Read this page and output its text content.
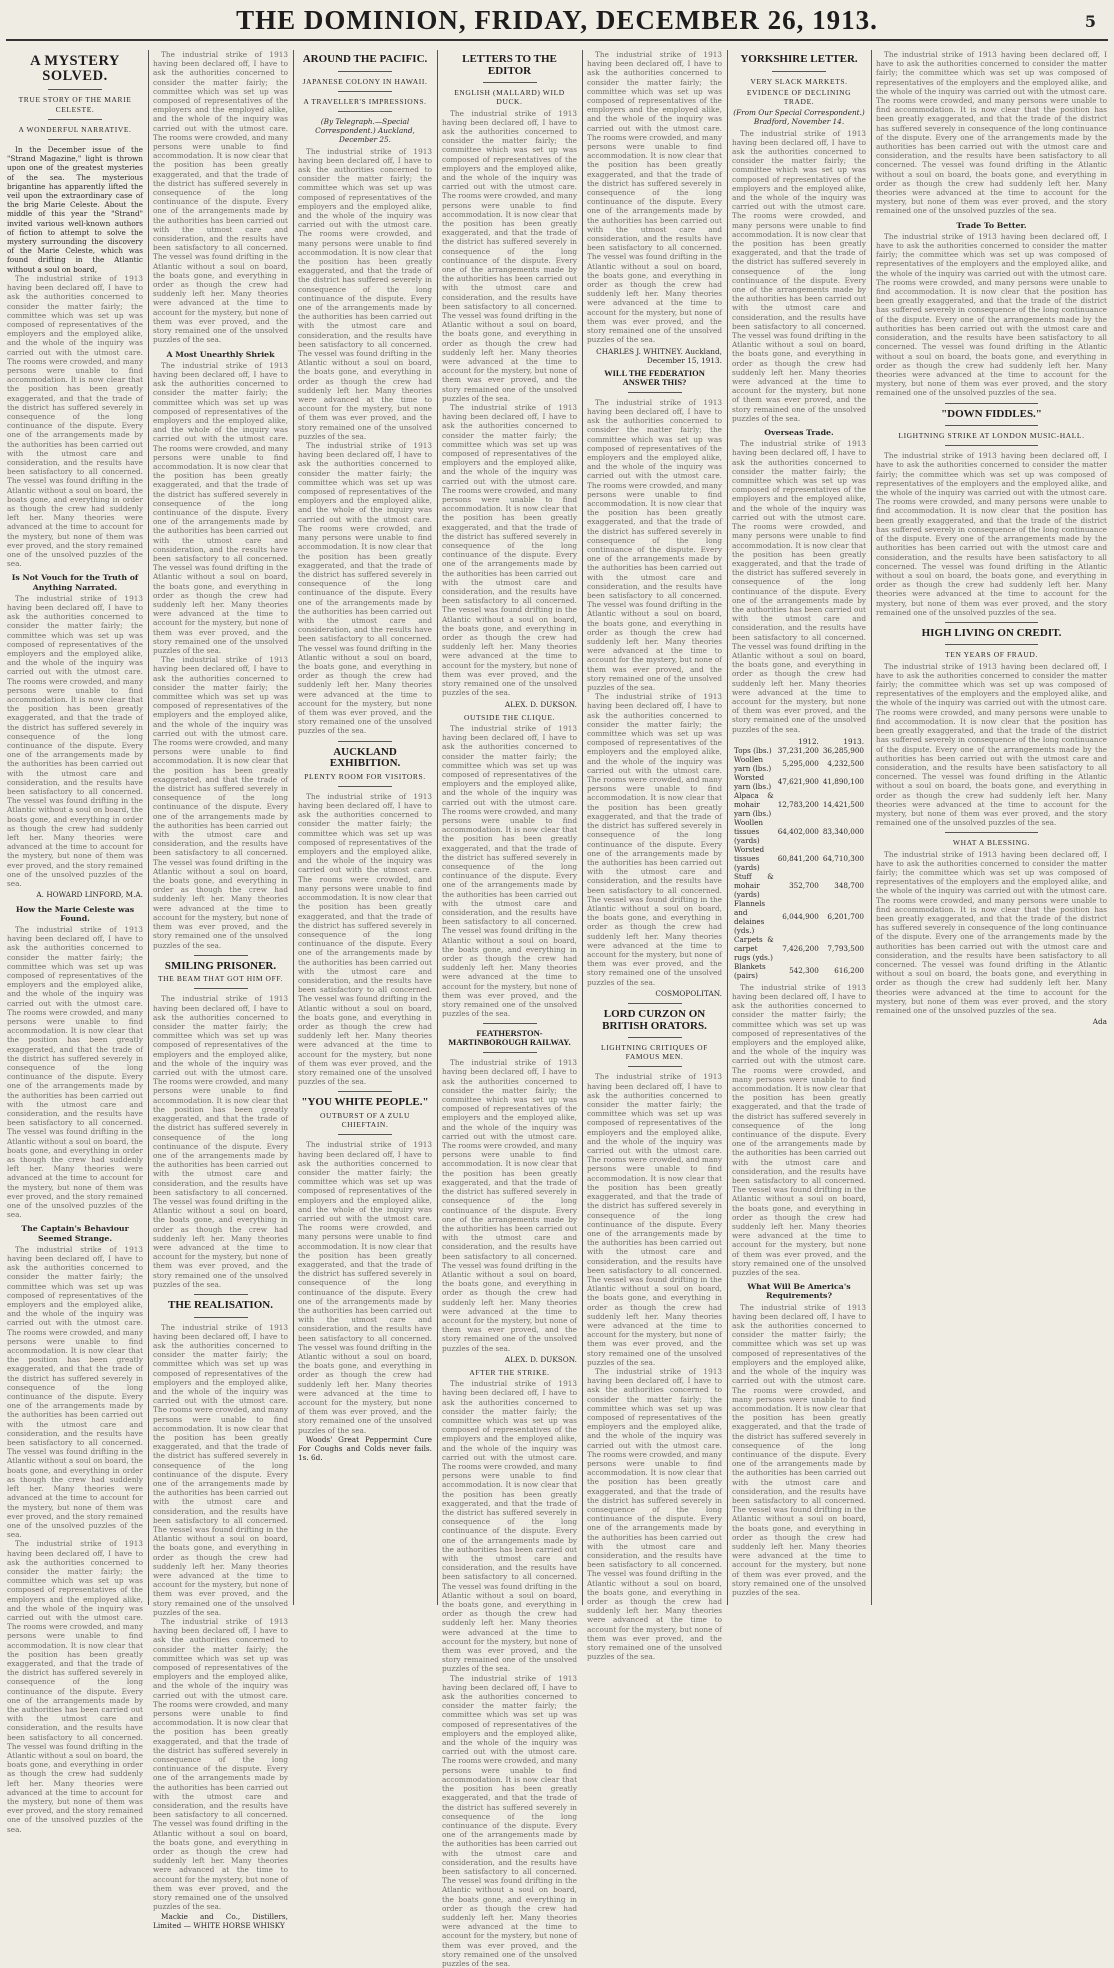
THE DOMINION, FRIDAY, DECEMBER 26, 1913.	5
A MYSTERY SOLVED.
TRUE STORY OF THE MARIE CELESTE.
A WONDERFUL NARRATIVE.

In the December issue of the "Strand Magazine," light is thrown upon one of the greatest mysteries of the sea. The mysterious brigantine has apparently lifted the veil upon the extraordinary case of the brig Marie Celeste. About the middle of this year the "Strand" invited various well-known authors of fiction to attempt to solve the mystery surrounding the discovery of the Marie Celeste, which was found drifting in the Atlantic without a soul on board,

The industrial strike of 1913 having been declared off, I have to ask the authorities concerned to consider the matter fairly; the committee which was set up was composed of representatives of the employers and the employed alike, and the whole of the inquiry was carried out with the utmost care. The rooms were crowded, and many persons were unable to find accommodation. It is now clear that the position has been greatly exaggerated, and that the trade of the district has suffered severely in consequence of the long continuance of the dispute. Every one of the arrangements made by the authorities has been carried out with the utmost care and consideration, and the results have been satisfactory to all concerned. The vessel was found drifting in the Atlantic without a soul on board, the boats gone, and everything in order as though the crew had suddenly left her. Many theories were advanced at the time to account for the mystery, but none of them was ever proved, and the story remained one of the unsolved puzzles of the sea.

Is Not Vouch for the Truth of Anything Narrated.

The industrial strike of 1913 having been declared off, I have to ask the authorities concerned to consider the matter fairly; the committee which was set up was composed of representatives of the employers and the employed alike, and the whole of the inquiry was carried out with the utmost care. The rooms were crowded, and many persons were unable to find accommodation. It is now clear that the position has been greatly exaggerated, and that the trade of the district has suffered severely in consequence of the long continuance of the dispute. Every one of the arrangements made by the authorities has been carried out with the utmost care and consideration, and the results have been satisfactory to all concerned. The vessel was found drifting in the Atlantic without a soul on board, the boats gone, and everything in order as though the crew had suddenly left her. Many theories were advanced at the time to account for the mystery, but none of them was ever proved, and the story remained one of the unsolved puzzles of the sea.

A. HOWARD LINFORD, M.A.
How the Marie Celeste was Found.

The industrial strike of 1913 having been declared off, I have to ask the authorities concerned to consider the matter fairly; the committee which was set up was composed of representatives of the employers and the employed alike, and the whole of the inquiry was carried out with the utmost care. The rooms were crowded, and many persons were unable to find accommodation. It is now clear that the position has been greatly exaggerated, and that the trade of the district has suffered severely in consequence of the long continuance of the dispute. Every one of the arrangements made by the authorities has been carried out with the utmost care and consideration, and the results have been satisfactory to all concerned. The vessel was found drifting in the Atlantic without a soul on board, the boats gone, and everything in order as though the crew had suddenly left her. Many theories were advanced at the time to account for the mystery, but none of them was ever proved, and the story remained one of the unsolved puzzles of the sea.

The Captain's Behaviour Seemed Strange.

The industrial strike of 1913 having been declared off, I have to ask the authorities concerned to consider the matter fairly; the committee which was set up was composed of representatives of the employers and the employed alike, and the whole of the inquiry was carried out with the utmost care. The rooms were crowded, and many persons were unable to find accommodation. It is now clear that the position has been greatly exaggerated, and that the trade of the district has suffered severely in consequence of the long continuance of the dispute. Every one of the arrangements made by the authorities has been carried out with the utmost care and consideration, and the results have been satisfactory to all concerned. The vessel was found drifting in the Atlantic without a soul on board, the boats gone, and everything in order as though the crew had suddenly left her. Many theories were advanced at the time to account for the mystery, but none of them was ever proved, and the story remained one of the unsolved puzzles of the sea.

The industrial strike of 1913 having been declared off, I have to ask the authorities concerned to consider the matter fairly; the committee which was set up was composed of representatives of the employers and the employed alike, and the whole of the inquiry was carried out with the utmost care. The rooms were crowded, and many persons were unable to find accommodation. It is now clear that the position has been greatly exaggerated, and that the trade of the district has suffered severely in consequence of the long continuance of the dispute. Every one of the arrangements made by the authorities has been carried out with the utmost care and consideration, and the results have been satisfactory to all concerned. The vessel was found drifting in the Atlantic without a soul on board, the boats gone, and everything in order as though the crew had suddenly left her. Many theories were advanced at the time to account for the mystery, but none of them was ever proved, and the story remained one of the unsolved puzzles of the sea.

The industrial strike of 1913 having been declared off, I have to ask the authorities concerned to consider the matter fairly; the committee which was set up was composed of representatives of the employers and the employed alike, and the whole of the inquiry was carried out with the utmost care. The rooms were crowded, and many persons were unable to find accommodation. It is now clear that the position has been greatly exaggerated, and that the trade of the district has suffered severely in consequence of the long continuance of the dispute. Every one of the arrangements made by the authorities has been carried out with the utmost care and consideration, and the results have been satisfactory to all concerned. The vessel was found drifting in the Atlantic without a soul on board, the boats gone, and everything in order as though the crew had suddenly left her. Many theories were advanced at the time to account for the mystery, but none of them was ever proved, and the story remained one of the unsolved puzzles of the sea.

A Most Unearthly Shriek

The industrial strike of 1913 having been declared off, I have to ask the authorities concerned to consider the matter fairly; the committee which was set up was composed of representatives of the employers and the employed alike, and the whole of the inquiry was carried out with the utmost care. The rooms were crowded, and many persons were unable to find accommodation. It is now clear that the position has been greatly exaggerated, and that the trade of the district has suffered severely in consequence of the long continuance of the dispute. Every one of the arrangements made by the authorities has been carried out with the utmost care and consideration, and the results have been satisfactory to all concerned. The vessel was found drifting in the Atlantic without a soul on board, the boats gone, and everything in order as though the crew had suddenly left her. Many theories were advanced at the time to account for the mystery, but none of them was ever proved, and the story remained one of the unsolved puzzles of the sea.

The industrial strike of 1913 having been declared off, I have to ask the authorities concerned to consider the matter fairly; the committee which was set up was composed of representatives of the employers and the employed alike, and the whole of the inquiry was carried out with the utmost care. The rooms were crowded, and many persons were unable to find accommodation. It is now clear that the position has been greatly exaggerated, and that the trade of the district has suffered severely in consequence of the long continuance of the dispute. Every one of the arrangements made by the authorities has been carried out with the utmost care and consideration, and the results have been satisfactory to all concerned. The vessel was found drifting in the Atlantic without a soul on board, the boats gone, and everything in order as though the crew had suddenly left her. Many theories were advanced at the time to account for the mystery, but none of them was ever proved, and the story remained one of the unsolved puzzles of the sea.

SMILING PRISONER.
THE BEAM THAT GOT HIM OFF.

The industrial strike of 1913 having been declared off, I have to ask the authorities concerned to consider the matter fairly; the committee which was set up was composed of representatives of the employers and the employed alike, and the whole of the inquiry was carried out with the utmost care. The rooms were crowded, and many persons were unable to find accommodation. It is now clear that the position has been greatly exaggerated, and that the trade of the district has suffered severely in consequence of the long continuance of the dispute. Every one of the arrangements made by the authorities has been carried out with the utmost care and consideration, and the results have been satisfactory to all concerned. The vessel was found drifting in the Atlantic without a soul on board, the boats gone, and everything in order as though the crew had suddenly left her. Many theories were advanced at the time to account for the mystery, but none of them was ever proved, and the story remained one of the unsolved puzzles of the sea.

THE REALISATION.

The industrial strike of 1913 having been declared off, I have to ask the authorities concerned to consider the matter fairly; the committee which was set up was composed of representatives of the employers and the employed alike, and the whole of the inquiry was carried out with the utmost care. The rooms were crowded, and many persons were unable to find accommodation. It is now clear that the position has been greatly exaggerated, and that the trade of the district has suffered severely in consequence of the long continuance of the dispute. Every one of the arrangements made by the authorities has been carried out with the utmost care and consideration, and the results have been satisfactory to all concerned. The vessel was found drifting in the Atlantic without a soul on board, the boats gone, and everything in order as though the crew had suddenly left her. Many theories were advanced at the time to account for the mystery, but none of them was ever proved, and the story remained one of the unsolved puzzles of the sea.

The industrial strike of 1913 having been declared off, I have to ask the authorities concerned to consider the matter fairly; the committee which was set up was composed of representatives of the employers and the employed alike, and the whole of the inquiry was carried out with the utmost care. The rooms were crowded, and many persons were unable to find accommodation. It is now clear that the position has been greatly exaggerated, and that the trade of the district has suffered severely in consequence of the long continuance of the dispute. Every one of the arrangements made by the authorities has been carried out with the utmost care and consideration, and the results have been satisfactory to all concerned. The vessel was found drifting in the Atlantic without a soul on board, the boats gone, and everything in order as though the crew had suddenly left her. Many theories were advanced at the time to account for the mystery, but none of them was ever proved, and the story remained one of the unsolved puzzles of the sea.

Mackie and Co., Distillers, Limited — WHITE HORSE WHISKY

AROUND THE PACIFIC.
JAPANESE COLONY IN HAWAII.
A TRAVELLER'S IMPRESSIONS.
(By Telegraph.—Special Correspondent.) Auckland, December 25.

The industrial strike of 1913 having been declared off, I have to ask the authorities concerned to consider the matter fairly; the committee which was set up was composed of representatives of the employers and the employed alike, and the whole of the inquiry was carried out with the utmost care. The rooms were crowded, and many persons were unable to find accommodation. It is now clear that the position has been greatly exaggerated, and that the trade of the district has suffered severely in consequence of the long continuance of the dispute. Every one of the arrangements made by the authorities has been carried out with the utmost care and consideration, and the results have been satisfactory to all concerned. The vessel was found drifting in the Atlantic without a soul on board, the boats gone, and everything in order as though the crew had suddenly left her. Many theories were advanced at the time to account for the mystery, but none of them was ever proved, and the story remained one of the unsolved puzzles of the sea.

The industrial strike of 1913 having been declared off, I have to ask the authorities concerned to consider the matter fairly; the committee which was set up was composed of representatives of the employers and the employed alike, and the whole of the inquiry was carried out with the utmost care. The rooms were crowded, and many persons were unable to find accommodation. It is now clear that the position has been greatly exaggerated, and that the trade of the district has suffered severely in consequence of the long continuance of the dispute. Every one of the arrangements made by the authorities has been carried out with the utmost care and consideration, and the results have been satisfactory to all concerned. The vessel was found drifting in the Atlantic without a soul on board, the boats gone, and everything in order as though the crew had suddenly left her. Many theories were advanced at the time to account for the mystery, but none of them was ever proved, and the story remained one of the unsolved puzzles of the sea.

AUCKLAND EXHIBITION.
PLENTY ROOM FOR VISITORS.

The industrial strike of 1913 having been declared off, I have to ask the authorities concerned to consider the matter fairly; the committee which was set up was composed of representatives of the employers and the employed alike, and the whole of the inquiry was carried out with the utmost care. The rooms were crowded, and many persons were unable to find accommodation. It is now clear that the position has been greatly exaggerated, and that the trade of the district has suffered severely in consequence of the long continuance of the dispute. Every one of the arrangements made by the authorities has been carried out with the utmost care and consideration, and the results have been satisfactory to all concerned. The vessel was found drifting in the Atlantic without a soul on board, the boats gone, and everything in order as though the crew had suddenly left her. Many theories were advanced at the time to account for the mystery, but none of them was ever proved, and the story remained one of the unsolved puzzles of the sea.

"YOU WHITE PEOPLE."
OUTBURST OF A ZULU CHIEFTAIN.

The industrial strike of 1913 having been declared off, I have to ask the authorities concerned to consider the matter fairly; the committee which was set up was composed of representatives of the employers and the employed alike, and the whole of the inquiry was carried out with the utmost care. The rooms were crowded, and many persons were unable to find accommodation. It is now clear that the position has been greatly exaggerated, and that the trade of the district has suffered severely in consequence of the long continuance of the dispute. Every one of the arrangements made by the authorities has been carried out with the utmost care and consideration, and the results have been satisfactory to all concerned. The vessel was found drifting in the Atlantic without a soul on board, the boats gone, and everything in order as though the crew had suddenly left her. Many theories were advanced at the time to account for the mystery, but none of them was ever proved, and the story remained one of the unsolved puzzles of the sea.

Woods' Great Peppermint Cure For Coughs and Colds never fails. 1s. 6d.

LETTERS TO THE EDITOR
ENGLISH (MALLARD) WILD DUCK.

The industrial strike of 1913 having been declared off, I have to ask the authorities concerned to consider the matter fairly; the committee which was set up was composed of representatives of the employers and the employed alike, and the whole of the inquiry was carried out with the utmost care. The rooms were crowded, and many persons were unable to find accommodation. It is now clear that the position has been greatly exaggerated, and that the trade of the district has suffered severely in consequence of the long continuance of the dispute. Every one of the arrangements made by the authorities has been carried out with the utmost care and consideration, and the results have been satisfactory to all concerned. The vessel was found drifting in the Atlantic without a soul on board, the boats gone, and everything in order as though the crew had suddenly left her. Many theories were advanced at the time to account for the mystery, but none of them was ever proved, and the story remained one of the unsolved puzzles of the sea.

The industrial strike of 1913 having been declared off, I have to ask the authorities concerned to consider the matter fairly; the committee which was set up was composed of representatives of the employers and the employed alike, and the whole of the inquiry was carried out with the utmost care. The rooms were crowded, and many persons were unable to find accommodation. It is now clear that the position has been greatly exaggerated, and that the trade of the district has suffered severely in consequence of the long continuance of the dispute. Every one of the arrangements made by the authorities has been carried out with the utmost care and consideration, and the results have been satisfactory to all concerned. The vessel was found drifting in the Atlantic without a soul on board, the boats gone, and everything in order as though the crew had suddenly left her. Many theories were advanced at the time to account for the mystery, but none of them was ever proved, and the story remained one of the unsolved puzzles of the sea.

ALEX. D. DUKSON.
OUTSIDE THE CLIQUE.

The industrial strike of 1913 having been declared off, I have to ask the authorities concerned to consider the matter fairly; the committee which was set up was composed of representatives of the employers and the employed alike, and the whole of the inquiry was carried out with the utmost care. The rooms were crowded, and many persons were unable to find accommodation. It is now clear that the position has been greatly exaggerated, and that the trade of the district has suffered severely in consequence of the long continuance of the dispute. Every one of the arrangements made by the authorities has been carried out with the utmost care and consideration, and the results have been satisfactory to all concerned. The vessel was found drifting in the Atlantic without a soul on board, the boats gone, and everything in order as though the crew had suddenly left her. Many theories were advanced at the time to account for the mystery, but none of them was ever proved, and the story remained one of the unsolved puzzles of the sea.

FEATHERSTON-MARTINBOROUGH RAILWAY.

The industrial strike of 1913 having been declared off, I have to ask the authorities concerned to consider the matter fairly; the committee which was set up was composed of representatives of the employers and the employed alike, and the whole of the inquiry was carried out with the utmost care. The rooms were crowded, and many persons were unable to find accommodation. It is now clear that the position has been greatly exaggerated, and that the trade of the district has suffered severely in consequence of the long continuance of the dispute. Every one of the arrangements made by the authorities has been carried out with the utmost care and consideration, and the results have been satisfactory to all concerned. The vessel was found drifting in the Atlantic without a soul on board, the boats gone, and everything in order as though the crew had suddenly left her. Many theories were advanced at the time to account for the mystery, but none of them was ever proved, and the story remained one of the unsolved puzzles of the sea.

ALEX. D. DUKSON.
AFTER THE STRIKE.

The industrial strike of 1913 having been declared off, I have to ask the authorities concerned to consider the matter fairly; the committee which was set up was composed of representatives of the employers and the employed alike, and the whole of the inquiry was carried out with the utmost care. The rooms were crowded, and many persons were unable to find accommodation. It is now clear that the position has been greatly exaggerated, and that the trade of the district has suffered severely in consequence of the long continuance of the dispute. Every one of the arrangements made by the authorities has been carried out with the utmost care and consideration, and the results have been satisfactory to all concerned. The vessel was found drifting in the Atlantic without a soul on board, the boats gone, and everything in order as though the crew had suddenly left her. Many theories were advanced at the time to account for the mystery, but none of them was ever proved, and the story remained one of the unsolved puzzles of the sea.

The industrial strike of 1913 having been declared off, I have to ask the authorities concerned to consider the matter fairly; the committee which was set up was composed of representatives of the employers and the employed alike, and the whole of the inquiry was carried out with the utmost care. The rooms were crowded, and many persons were unable to find accommodation. It is now clear that the position has been greatly exaggerated, and that the trade of the district has suffered severely in consequence of the long continuance of the dispute. Every one of the arrangements made by the authorities has been carried out with the utmost care and consideration, and the results have been satisfactory to all concerned. The vessel was found drifting in the Atlantic without a soul on board, the boats gone, and everything in order as though the crew had suddenly left her. Many theories were advanced at the time to account for the mystery, but none of them was ever proved, and the story remained one of the unsolved puzzles of the sea.

The industrial strike of 1913 having been declared off, I have to ask the authorities concerned to consider the matter fairly; the committee which was set up was composed of representatives of the employers and the employed alike, and the whole of the inquiry was carried out with the utmost care. The rooms were crowded, and many persons were unable to find accommodation. It is now clear that the position has been greatly exaggerated, and that the trade of the district has suffered severely in consequence of the long continuance of the dispute. Every one of the arrangements made by the authorities has been carried out with the utmost care and consideration, and the results have been satisfactory to all concerned. The vessel was found drifting in the Atlantic without a soul on board, the boats gone, and everything in order as though the crew had suddenly left her. Many theories were advanced at the time to account for the mystery, but none of them was ever proved, and the story remained one of the unsolved puzzles of the sea.

CHARLES J. WHITNEY. Auckland, December 15, 1913.
WILL THE FEDERATION ANSWER THIS?

The industrial strike of 1913 having been declared off, I have to ask the authorities concerned to consider the matter fairly; the committee which was set up was composed of representatives of the employers and the employed alike, and the whole of the inquiry was carried out with the utmost care. The rooms were crowded, and many persons were unable to find accommodation. It is now clear that the position has been greatly exaggerated, and that the trade of the district has suffered severely in consequence of the long continuance of the dispute. Every one of the arrangements made by the authorities has been carried out with the utmost care and consideration, and the results have been satisfactory to all concerned. The vessel was found drifting in the Atlantic without a soul on board, the boats gone, and everything in order as though the crew had suddenly left her. Many theories were advanced at the time to account for the mystery, but none of them was ever proved, and the story remained one of the unsolved puzzles of the sea.

The industrial strike of 1913 having been declared off, I have to ask the authorities concerned to consider the matter fairly; the committee which was set up was composed of representatives of the employers and the employed alike, and the whole of the inquiry was carried out with the utmost care. The rooms were crowded, and many persons were unable to find accommodation. It is now clear that the position has been greatly exaggerated, and that the trade of the district has suffered severely in consequence of the long continuance of the dispute. Every one of the arrangements made by the authorities has been carried out with the utmost care and consideration, and the results have been satisfactory to all concerned. The vessel was found drifting in the Atlantic without a soul on board, the boats gone, and everything in order as though the crew had suddenly left her. Many theories were advanced at the time to account for the mystery, but none of them was ever proved, and the story remained one of the unsolved puzzles of the sea.

COSMOPOLITAN.
LORD CURZON ON BRITISH ORATORS.
LIGHTNING CRITIQUES OF FAMOUS MEN.

The industrial strike of 1913 having been declared off, I have to ask the authorities concerned to consider the matter fairly; the committee which was set up was composed of representatives of the employers and the employed alike, and the whole of the inquiry was carried out with the utmost care. The rooms were crowded, and many persons were unable to find accommodation. It is now clear that the position has been greatly exaggerated, and that the trade of the district has suffered severely in consequence of the long continuance of the dispute. Every one of the arrangements made by the authorities has been carried out with the utmost care and consideration, and the results have been satisfactory to all concerned. The vessel was found drifting in the Atlantic without a soul on board, the boats gone, and everything in order as though the crew had suddenly left her. Many theories were advanced at the time to account for the mystery, but none of them was ever proved, and the story remained one of the unsolved puzzles of the sea.

The industrial strike of 1913 having been declared off, I have to ask the authorities concerned to consider the matter fairly; the committee which was set up was composed of representatives of the employers and the employed alike, and the whole of the inquiry was carried out with the utmost care. The rooms were crowded, and many persons were unable to find accommodation. It is now clear that the position has been greatly exaggerated, and that the trade of the district has suffered severely in consequence of the long continuance of the dispute. Every one of the arrangements made by the authorities has been carried out with the utmost care and consideration, and the results have been satisfactory to all concerned. The vessel was found drifting in the Atlantic without a soul on board, the boats gone, and everything in order as though the crew had suddenly left her. Many theories were advanced at the time to account for the mystery, but none of them was ever proved, and the story remained one of the unsolved puzzles of the sea.

YORKSHIRE LETTER.
VERY SLACK MARKETS.
EVIDENCE OF DECLINING TRADE.
(From Our Special Correspondent.) Bradford, November 14.

The industrial strike of 1913 having been declared off, I have to ask the authorities concerned to consider the matter fairly; the committee which was set up was composed of representatives of the employers and the employed alike, and the whole of the inquiry was carried out with the utmost care. The rooms were crowded, and many persons were unable to find accommodation. It is now clear that the position has been greatly exaggerated, and that the trade of the district has suffered severely in consequence of the long continuance of the dispute. Every one of the arrangements made by the authorities has been carried out with the utmost care and consideration, and the results have been satisfactory to all concerned. The vessel was found drifting in the Atlantic without a soul on board, the boats gone, and everything in order as though the crew had suddenly left her. Many theories were advanced at the time to account for the mystery, but none of them was ever proved, and the story remained one of the unsolved puzzles of the sea.

Overseas Trade.

The industrial strike of 1913 having been declared off, I have to ask the authorities concerned to consider the matter fairly; the committee which was set up was composed of representatives of the employers and the employed alike, and the whole of the inquiry was carried out with the utmost care. The rooms were crowded, and many persons were unable to find accommodation. It is now clear that the position has been greatly exaggerated, and that the trade of the district has suffered severely in consequence of the long continuance of the dispute. Every one of the arrangements made by the authorities has been carried out with the utmost care and consideration, and the results have been satisfactory to all concerned. The vessel was found drifting in the Atlantic without a soul on board, the boats gone, and everything in order as though the crew had suddenly left her. Many theories were advanced at the time to account for the mystery, but none of them was ever proved, and the story remained one of the unsolved puzzles of the sea.

	1912.	1913.
Tops (lbs.)	37,231,200	36,285,900
Woollen yarn (lbs.)	5,295,000	4,232,500
Worsted yarn (lbs.)	47,621,900	41,890,100
Alpaca & mohair yarn (lbs.)	12,783,200	14,421,500
Woollen tissues (yards)	64,402,000	83,340,000
Worsted tissues (yards)	60,841,200	64,710,300
Stuff & mohair (yards)	352,700	348,700
Flannels and delaines (yds.)	6,044,900	6,201,700
Carpets & carpet rugs (yds.)	7,426,200	7,793,500
Blankets (pairs)	542,300	616,200

The industrial strike of 1913 having been declared off, I have to ask the authorities concerned to consider the matter fairly; the committee which was set up was composed of representatives of the employers and the employed alike, and the whole of the inquiry was carried out with the utmost care. The rooms were crowded, and many persons were unable to find accommodation. It is now clear that the position has been greatly exaggerated, and that the trade of the district has suffered severely in consequence of the long continuance of the dispute. Every one of the arrangements made by the authorities has been carried out with the utmost care and consideration, and the results have been satisfactory to all concerned. The vessel was found drifting in the Atlantic without a soul on board, the boats gone, and everything in order as though the crew had suddenly left her. Many theories were advanced at the time to account for the mystery, but none of them was ever proved, and the story remained one of the unsolved puzzles of the sea.

What Will Be America's Requirements?

The industrial strike of 1913 having been declared off, I have to ask the authorities concerned to consider the matter fairly; the committee which was set up was composed of representatives of the employers and the employed alike, and the whole of the inquiry was carried out with the utmost care. The rooms were crowded, and many persons were unable to find accommodation. It is now clear that the position has been greatly exaggerated, and that the trade of the district has suffered severely in consequence of the long continuance of the dispute. Every one of the arrangements made by the authorities has been carried out with the utmost care and consideration, and the results have been satisfactory to all concerned. The vessel was found drifting in the Atlantic without a soul on board, the boats gone, and everything in order as though the crew had suddenly left her. Many theories were advanced at the time to account for the mystery, but none of them was ever proved, and the story remained one of the unsolved puzzles of the sea.

The industrial strike of 1913 having been declared off, I have to ask the authorities concerned to consider the matter fairly; the committee which was set up was composed of representatives of the employers and the employed alike, and the whole of the inquiry was carried out with the utmost care. The rooms were crowded, and many persons were unable to find accommodation. It is now clear that the position has been greatly exaggerated, and that the trade of the district has suffered severely in consequence of the long continuance of the dispute. Every one of the arrangements made by the authorities has been carried out with the utmost care and consideration, and the results have been satisfactory to all concerned. The vessel was found drifting in the Atlantic without a soul on board, the boats gone, and everything in order as though the crew had suddenly left her. Many theories were advanced at the time to account for the mystery, but none of them was ever proved, and the story remained one of the unsolved puzzles of the sea.

Trade To Better.

The industrial strike of 1913 having been declared off, I have to ask the authorities concerned to consider the matter fairly; the committee which was set up was composed of representatives of the employers and the employed alike, and the whole of the inquiry was carried out with the utmost care. The rooms were crowded, and many persons were unable to find accommodation. It is now clear that the position has been greatly exaggerated, and that the trade of the district has suffered severely in consequence of the long continuance of the dispute. Every one of the arrangements made by the authorities has been carried out with the utmost care and consideration, and the results have been satisfactory to all concerned. The vessel was found drifting in the Atlantic without a soul on board, the boats gone, and everything in order as though the crew had suddenly left her. Many theories were advanced at the time to account for the mystery, but none of them was ever proved, and the story remained one of the unsolved puzzles of the sea.

"DOWN FIDDLES."
LIGHTNING STRIKE AT LONDON MUSIC-HALL.

The industrial strike of 1913 having been declared off, I have to ask the authorities concerned to consider the matter fairly; the committee which was set up was composed of representatives of the employers and the employed alike, and the whole of the inquiry was carried out with the utmost care. The rooms were crowded, and many persons were unable to find accommodation. It is now clear that the position has been greatly exaggerated, and that the trade of the district has suffered severely in consequence of the long continuance of the dispute. Every one of the arrangements made by the authorities has been carried out with the utmost care and consideration, and the results have been satisfactory to all concerned. The vessel was found drifting in the Atlantic without a soul on board, the boats gone, and everything in order as though the crew had suddenly left her. Many theories were advanced at the time to account for the mystery, but none of them was ever proved, and the story remained one of the unsolved puzzles of the sea.

HIGH LIVING ON CREDIT.
TEN YEARS OF FRAUD.

The industrial strike of 1913 having been declared off, I have to ask the authorities concerned to consider the matter fairly; the committee which was set up was composed of representatives of the employers and the employed alike, and the whole of the inquiry was carried out with the utmost care. The rooms were crowded, and many persons were unable to find accommodation. It is now clear that the position has been greatly exaggerated, and that the trade of the district has suffered severely in consequence of the long continuance of the dispute. Every one of the arrangements made by the authorities has been carried out with the utmost care and consideration, and the results have been satisfactory to all concerned. The vessel was found drifting in the Atlantic without a soul on board, the boats gone, and everything in order as though the crew had suddenly left her. Many theories were advanced at the time to account for the mystery, but none of them was ever proved, and the story remained one of the unsolved puzzles of the sea.

WHAT A BLESSING.

The industrial strike of 1913 having been declared off, I have to ask the authorities concerned to consider the matter fairly; the committee which was set up was composed of representatives of the employers and the employed alike, and the whole of the inquiry was carried out with the utmost care. The rooms were crowded, and many persons were unable to find accommodation. It is now clear that the position has been greatly exaggerated, and that the trade of the district has suffered severely in consequence of the long continuance of the dispute. Every one of the arrangements made by the authorities has been carried out with the utmost care and consideration, and the results have been satisfactory to all concerned. The vessel was found drifting in the Atlantic without a soul on board, the boats gone, and everything in order as though the crew had suddenly left her. Many theories were advanced at the time to account for the mystery, but none of them was ever proved, and the story remained one of the unsolved puzzles of the sea.

Ada
